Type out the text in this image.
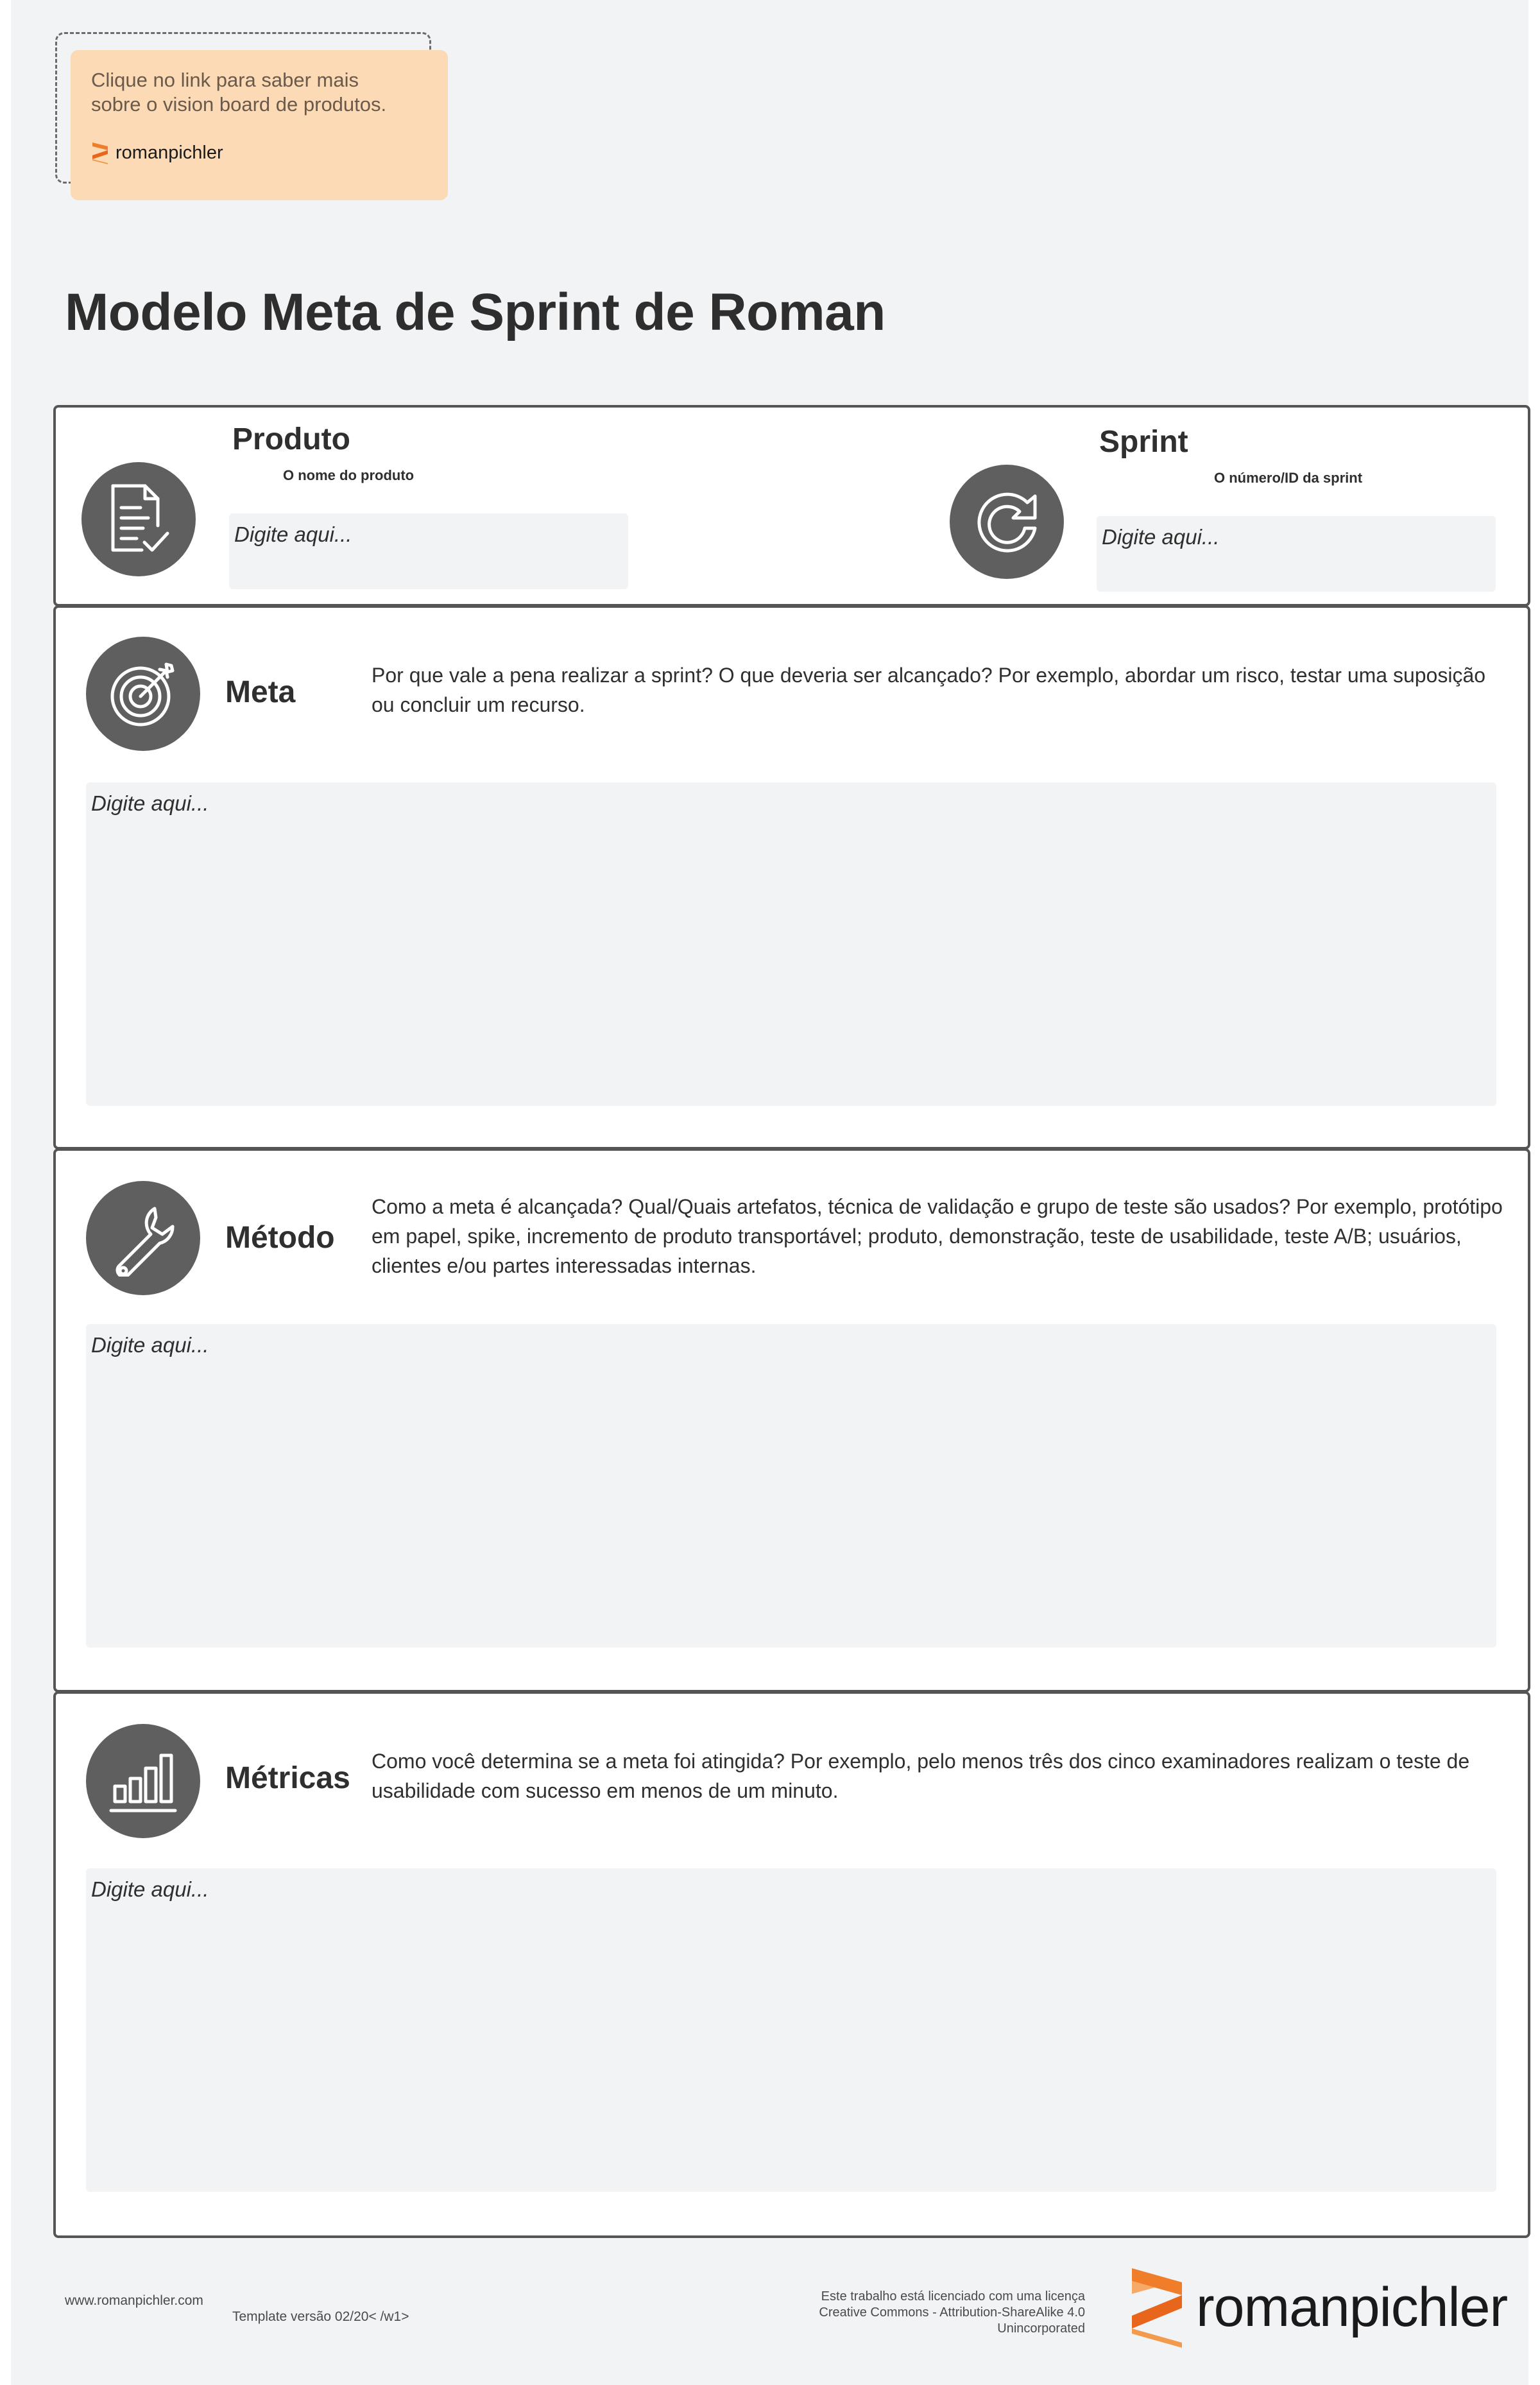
Clique no link para saber mais sobre o vision board de produtos.
romanpichler
Modelo Meta de Sprint de Roman
Produto
O nome do produto
Digite aqui...
Sprint
O número/ID da sprint
Digite aqui...
Meta	Por que vale a pena realizar a sprint? O que deveria ser alcançado? Por exemplo, abordar um risco, testar uma suposição ou concluir um recurso.
Digite aqui...
Método
Como a meta é alcançada? Qual/Quais artefatos, técnica de validação e grupo de teste são usados? Por exemplo, protótipo em papel, spike, incremento de produto transportável; produto, demonstração, teste de usabilidade, teste A/B; usuários, clientes e/ou partes interessadas internas.
Digite aqui...
Métricas Como você determina se a meta foi atingida? Por exemplo, pelo menos três dos cinco examinadores realizam o teste de usabilidade com sucesso em menos de um minuto.
Digite aqui...
www.romanpichler.com
Template versão 02/20< /w1>
Este trabalho está licenciado com uma licença
Creative Commons - Attribution-ShareAlike 4.0
Unincorporated romanpichler
